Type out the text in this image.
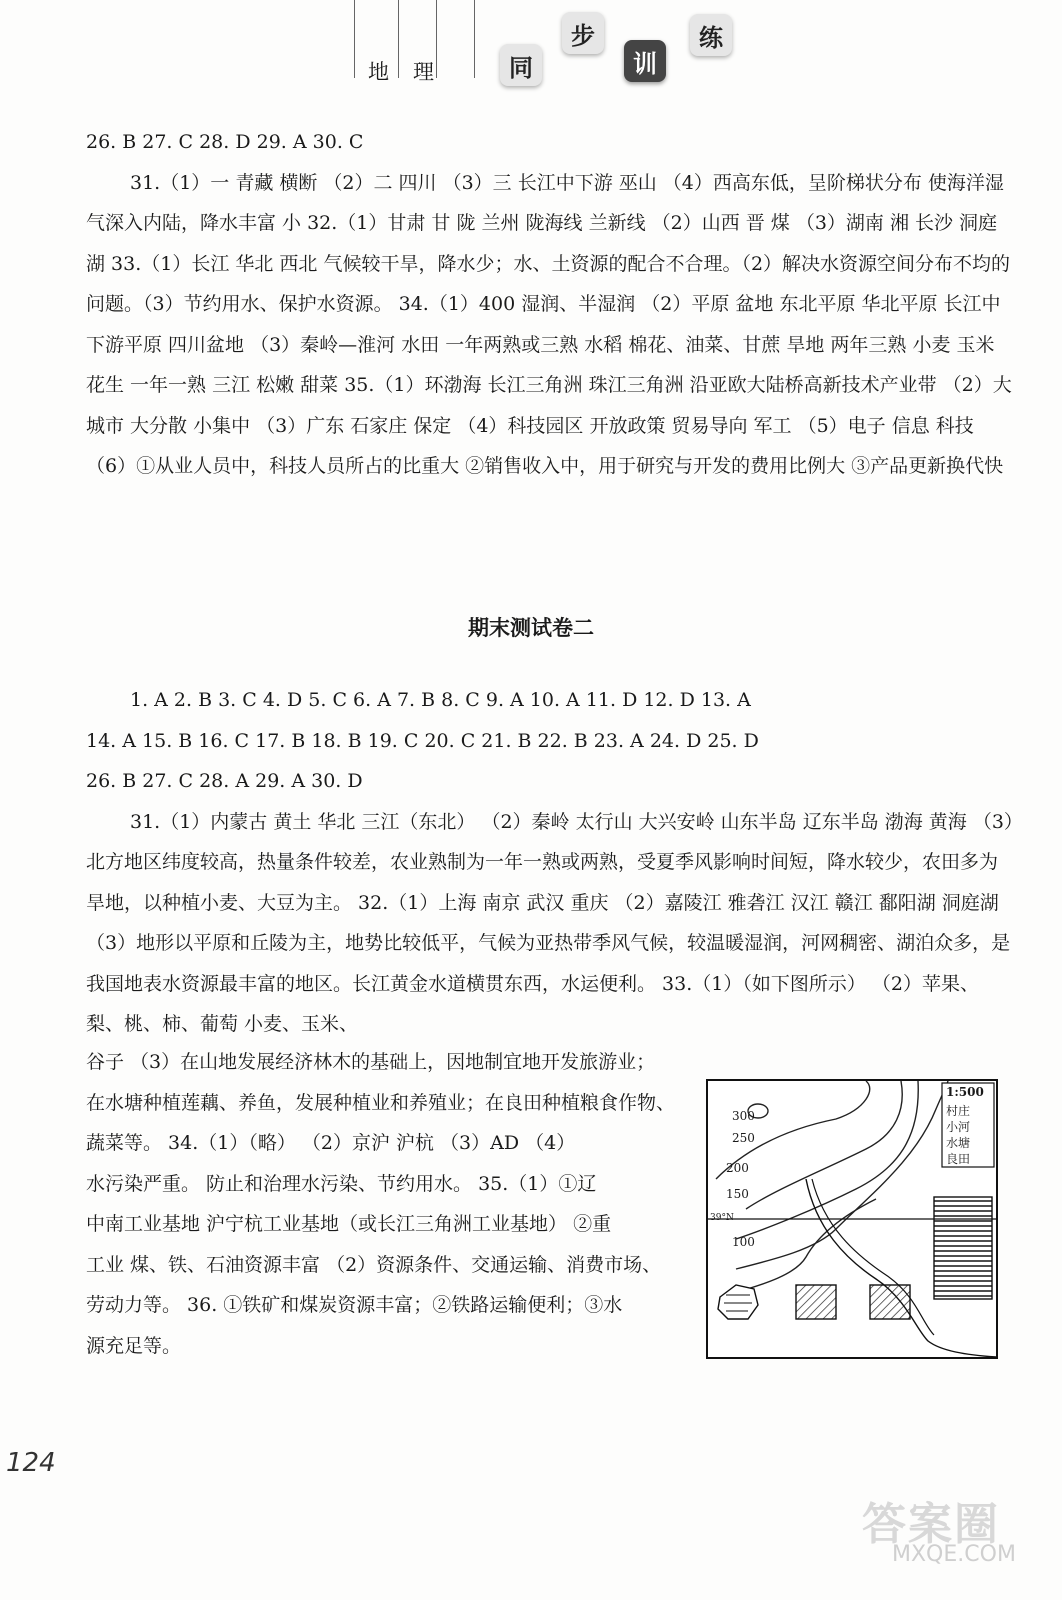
地理	同
步
训
练

26. B 27. C 28. D 29. A 30. C

31.（1）一 青藏 横断 （2）二 四川 （3）三 长江中下游 巫山 （4）西高东低，呈阶梯状分布 使海洋湿气深入内陆，降水丰富 小 32.（1）甘肃 甘 陇 兰州 陇海线 兰新线 （2）山西 晋 煤 （3）湖南 湘 长沙 洞庭湖 33.（1）长江 华北 西北 气候较干旱，降水少；水、土资源的配合不合理。（2）解决水资源空间分布不均的问题。（3）节约用水、保护水资源。 34.（1）400 湿润、半湿润 （2）平原 盆地 东北平原 华北平原 长江中下游平原 四川盆地 （3）秦岭—淮河 水田 一年两熟或三熟 水稻 棉花、油菜、甘蔗 旱地 两年三熟 小麦 玉米 花生 一年一熟 三江 松嫩 甜菜 35.（1）环渤海 长江三角洲 珠江三角洲 沿亚欧大陆桥高新技术产业带 （2）大城市 大分散 小集中 （3）广东 石家庄 保定 （4）科技园区 开放政策 贸易导向 军工 （5）电子 信息 科技 （6）①从业人员中，科技人员所占的比重大 ②销售收入中，用于研究与开发的费用比例大 ③产品更新换代快

期末测试卷二

1. A 2. B 3. C 4. D 5. C 6. A 7. B 8. C 9. A 10. A 11. D 12. D 13. A

14. A 15. B 16. C 17. B 18. B 19. C 20. C 21. B 22. B 23. A 24. D 25. D

26. B 27. C 28. A 29. A 30. D

31.（1）内蒙古 黄土 华北 三江（东北） （2）秦岭 太行山 大兴安岭 山东半岛 辽东半岛 渤海 黄海 （3）北方地区纬度较高，热量条件较差，农业熟制为一年一熟或两熟，受夏季风影响时间短，降水较少，农田多为旱地，以种植小麦、大豆为主。 32.（1）上海 南京 武汉 重庆 （2）嘉陵江 雅砻江 汉江 赣江 鄱阳湖 洞庭湖 （3）地形以平原和丘陵为主，地势比较低平，气候为亚热带季风气候，较温暖湿润，河网稠密、湖泊众多，是我国地表水资源最丰富的地区。长江黄金水道横贯东西，水运便利。 33.（1）（如下图所示） （2）苹果、梨、桃、柿、葡萄 小麦、玉米、

谷子 （3）在山地发展经济林木的基础上，因地制宜地开发旅游业；

在水塘种植莲藕、养鱼，发展种植业和养殖业；在良田种植粮食作物、

蔬菜等。 34.（1）（略） （2）京沪 沪杭 （3）AD （4）

水污染严重。 防止和治理水污染、节约用水。 35.（1）①辽

中南工业基地 沪宁杭工业基地（或长江三角洲工业基地） ②重

工业 煤、铁、石油资源丰富 （2）资源条件、交通运输、消费市场、

劳动力等。 36. ①铁矿和煤炭资源丰富；②铁路运输便利；③水

源充足等。

300
250
200
150
100
39°N
1:500
村庄
小河
水塘
良田
124
答案圈
MXQE.COM
